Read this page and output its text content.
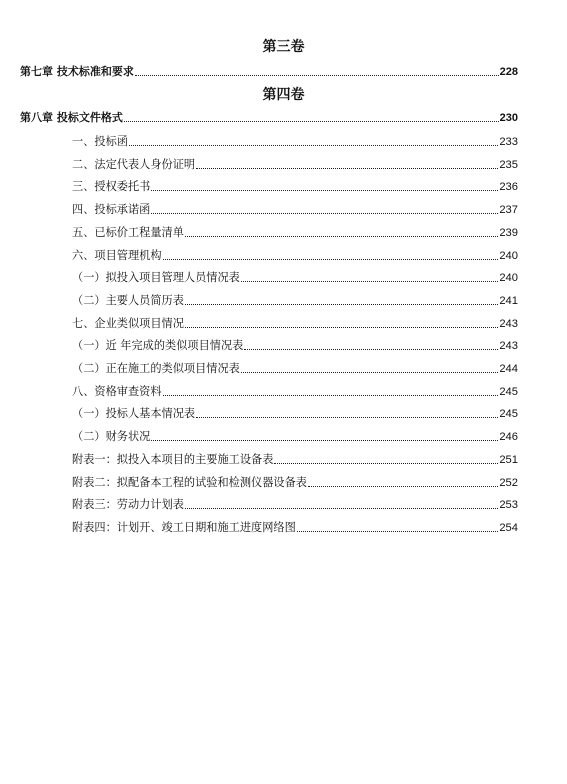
第三卷
第七章 技术标准和要求	228
第四卷
第八章 投标文件格式	230
一、投标函	233
二、法定代表人身份证明	235
三、授权委托书	236
四、投标承诺函	237
五、已标价工程量清单	239
六、项目管理机构	240
（一）拟投入项目管理人员情况表	240
（二）主要人员简历表	241
七、企业类似项目情况	243
（一）近 年完成的类似项目情况表	243
（二）正在施工的类似项目情况表	244
八、资格审查资料	245
（一）投标人基本情况表	245
（二）财务状况	246
附表一：拟投入本项目的主要施工设备表	251
附表二：拟配备本工程的试验和检测仪器设备表	252
附表三：劳动力计划表	253
附表四：计划开、竣工日期和施工进度网络图	254
